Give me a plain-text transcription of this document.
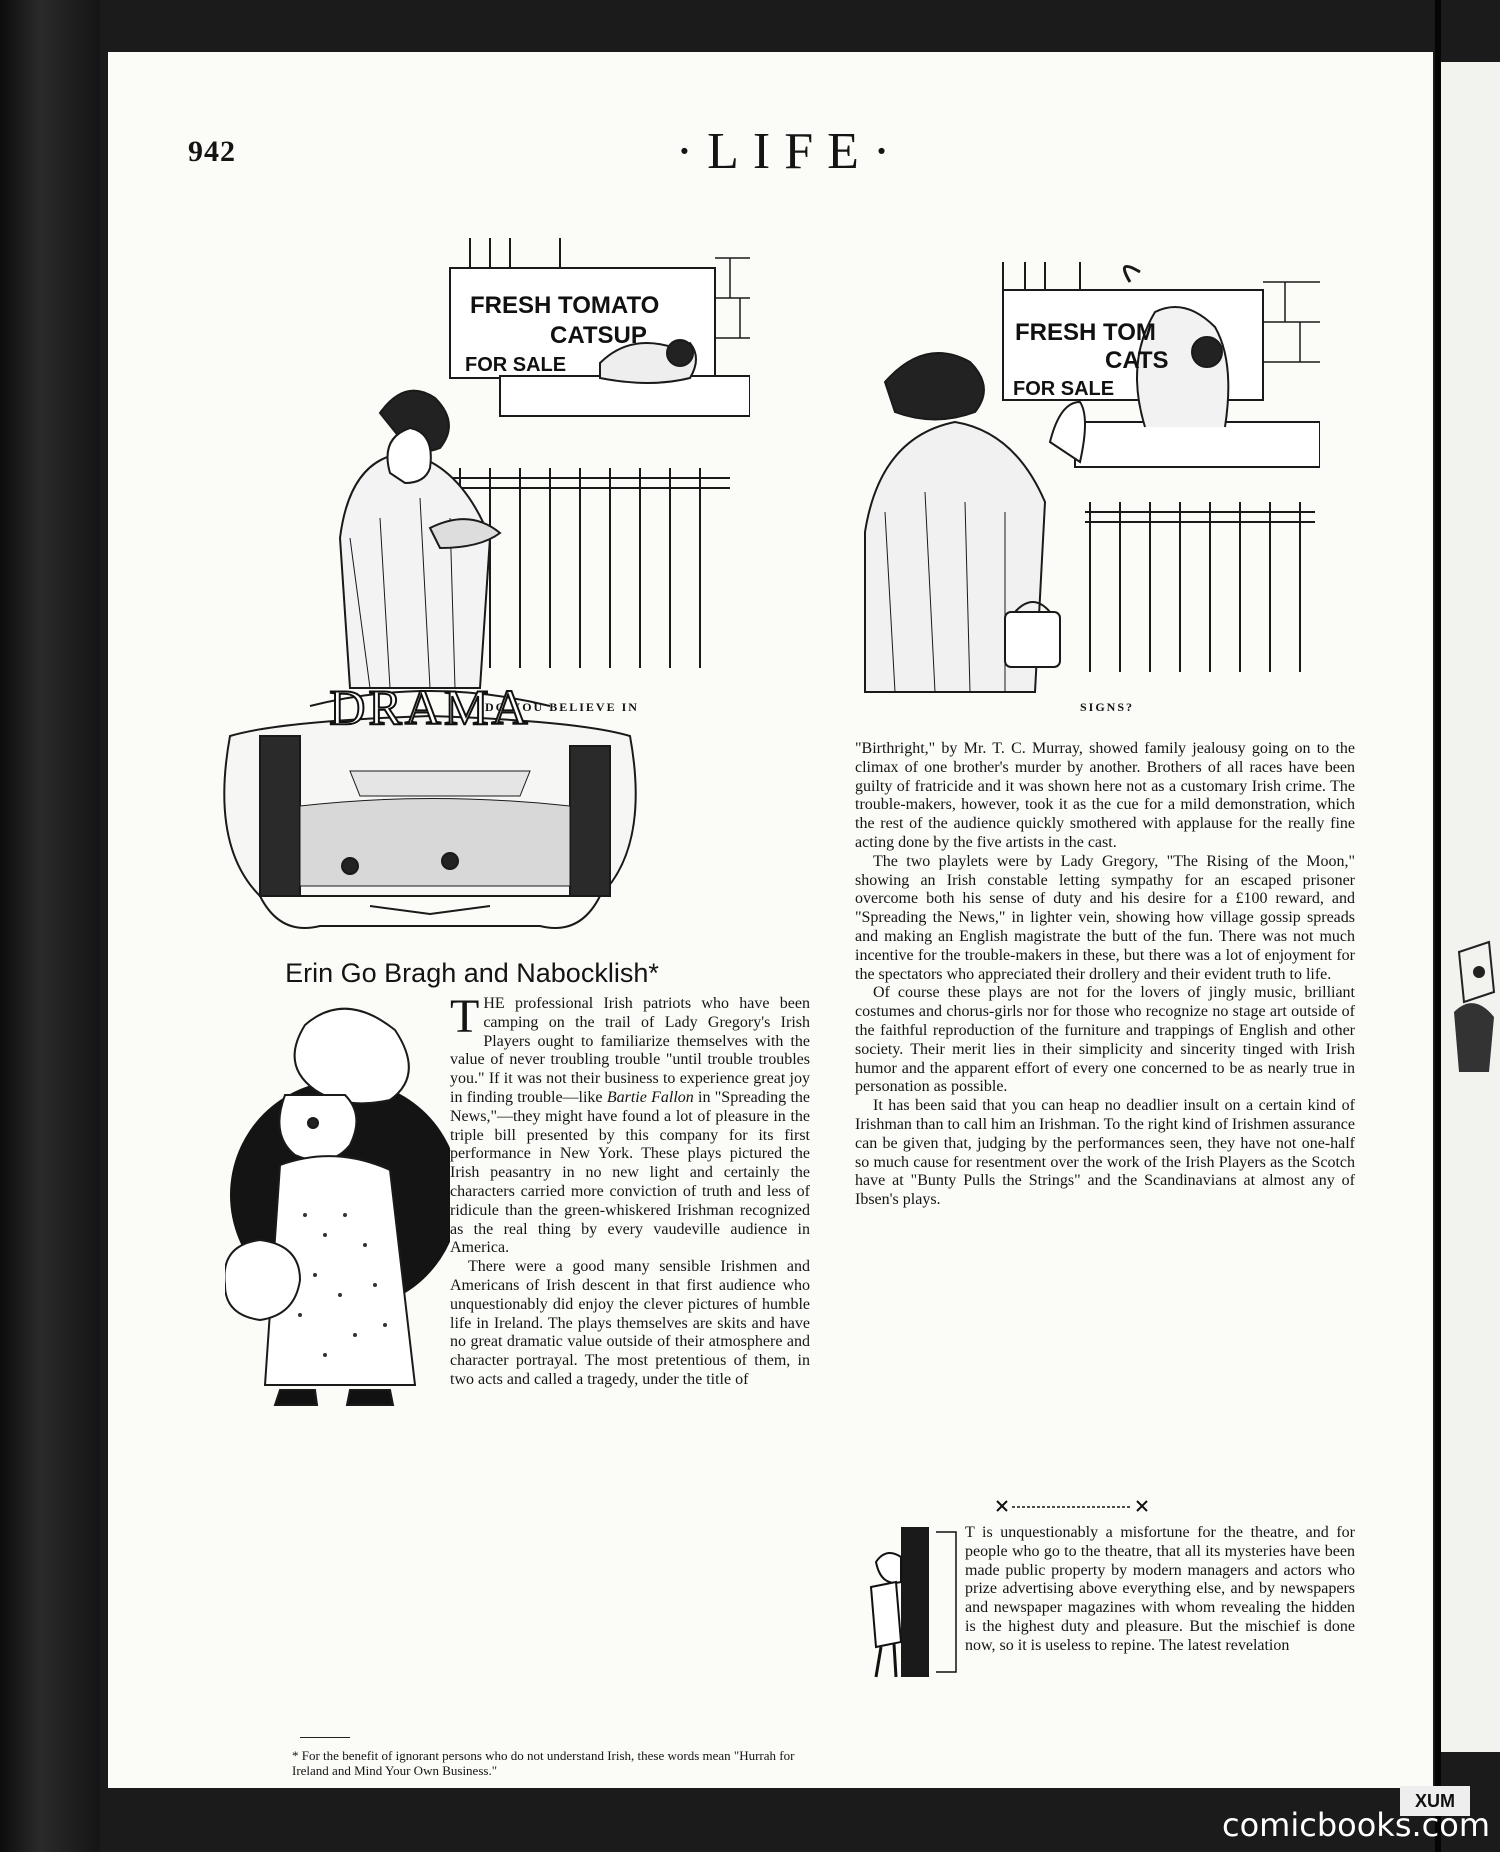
942	·LIFE·
FRESH TOMATO
CATSUP
FOR SALE
DO YOU BELIEVE IN
FRESH TOM
CATS
FOR SALE
SIGNS?
DRAMA
Erin Go Bragh and Nabocklish*

THE professional Irish patriots who have been camping on the trail of Lady Gregory's Irish Players ought to familiarize themselves with the value of never troubling trouble "until trouble troubles you." If it was not their business to experience great joy in finding trouble—like Bartie Fallon in "Spreading the News,"—they might have found a lot of pleasure in the triple bill presented by this company for its first performance in New York. These plays pictured the Irish peasantry in no new light and certainly the characters carried more conviction of truth and less of ridicule than the green-whiskered Irishman recognized as the real thing by every vaudeville audience in America.

There were a good many sensible Irishmen and Americans of Irish descent in that first audience who unquestionably did enjoy the clever pictures of humble life in Ireland. The plays themselves are skits and have no great dramatic value outside of their atmosphere and character portrayal. The most pretentious of them, in two acts and called a tragedy, under the title of

* For the benefit of ignorant persons who do not understand Irish, these words mean "Hurrah for Ireland and Mind Your Own Business."

"Birthright," by Mr. T. C. Murray, showed family jealousy going on to the climax of one brother's murder by another. Brothers of all races have been guilty of fratricide and it was shown here not as a customary Irish crime. The trouble-makers, however, took it as the cue for a mild demonstration, which the rest of the audience quickly smothered with applause for the really fine acting done by the five artists in the cast.

The two playlets were by Lady Gregory, "The Rising of the Moon," showing an Irish constable letting sympathy for an escaped prisoner overcome both his sense of duty and his desire for a £100 reward, and "Spreading the News," in lighter vein, showing how village gossip spreads and making an English magistrate the butt of the fun. There was not much incentive for the trouble-makers in these, but there was a lot of enjoyment for the spectators who appreciated their drollery and their evident truth to life.

Of course these plays are not for the lovers of jingly music, brilliant costumes and chorus-girls nor for those who recognize no stage art outside of the faithful reproduction of the furniture and trappings of English and other society. Their merit lies in their simplicity and sincerity tinged with Irish humor and the apparent effort of every one concerned to be as nearly true in personation as possible.

It has been said that you can heap no deadlier insult on a certain kind of Irishman than to call him an Irishman. To the right kind of Irishmen assurance can be given that, judging by the performances seen, they have not one-half so much cause for resentment over the work of the Irish Players as the Scotch have at "Bunty Pulls the Strings" and the Scandinavians at almost any of Ibsen's plays.

T is unquestionably a misfortune for the theatre, and for people who go to the theatre, that all its mysteries have been made public property by modern managers and actors who prize advertising above everything else, and by newspapers and newspaper magazines with whom revealing the hidden is the highest duty and pleasure. But the mischief is done now, so it is useless to repine. The latest revelation

XUM
comicbooks.com
